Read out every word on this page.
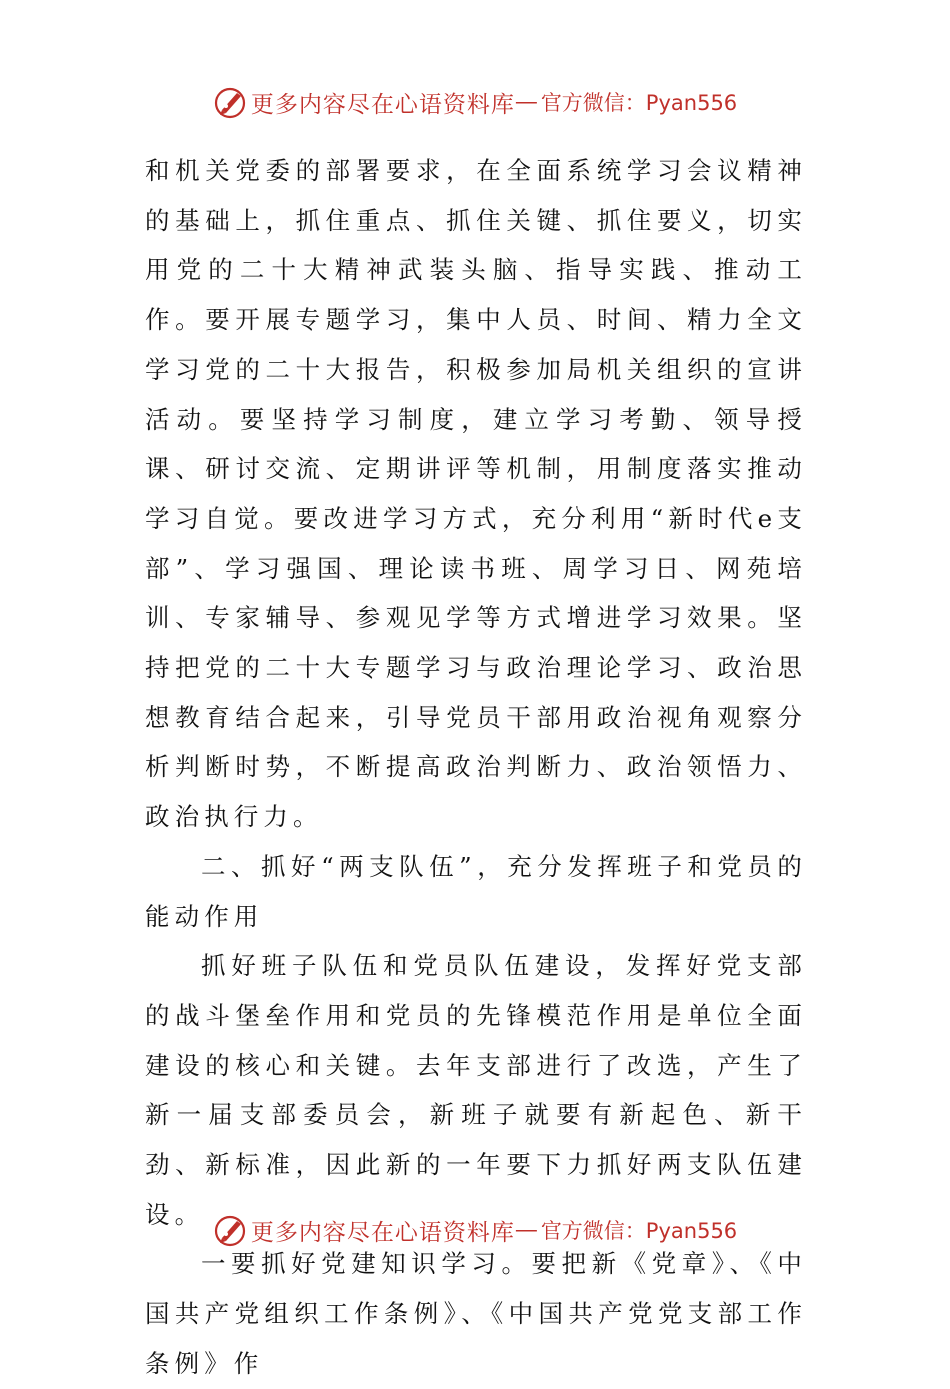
更多内容尽在心语资料库 — 官方微信：Pyan556

和机关党委的部署要求，在全面系统学习会议精神的基础上，抓住重点、抓住关键、抓住要义，切实用党的二十大精神武装头脑、指导实践、推动工作。要开展专题学习，集中人员、时间、精力全文学习党的二十大报告，积极参加局机关组织的宣讲活动。要坚持学习制度，建立学习考勤、领导授课、研讨交流、定期讲评等机制，用制度落实推动学习自觉。要改进学习方式，充分利用“新时代e支部”、学习强国、理论读书班、周学习日、网苑培训、专家辅导、参观见学等方式增进学习效果。坚持把党的二十大专题学习与政治理论学习、政治思想教育结合起来，引导党员干部用政治视角观察分析判断时势，不断提高政治判断力、政治领悟力、政治执行力。

二、抓好“两支队伍”，充分发挥班子和党员的能动作用

抓好班子队伍和党员队伍建设，发挥好党支部的战斗堡垒作用和党员的先锋模范作用是单位全面建设的核心和关键。去年支部进行了改选，产生了新一届支部委员会，新班子就要有新起色、新干劲、新标准，因此新的一年要下力抓好两支队伍建设。

一要抓好党建知识学习。要把新《党章》、《中国共产党组织工作条例》、《中国共产党党支部工作条例》作

更多内容尽在心语资料库 — 官方微信：Pyan556
